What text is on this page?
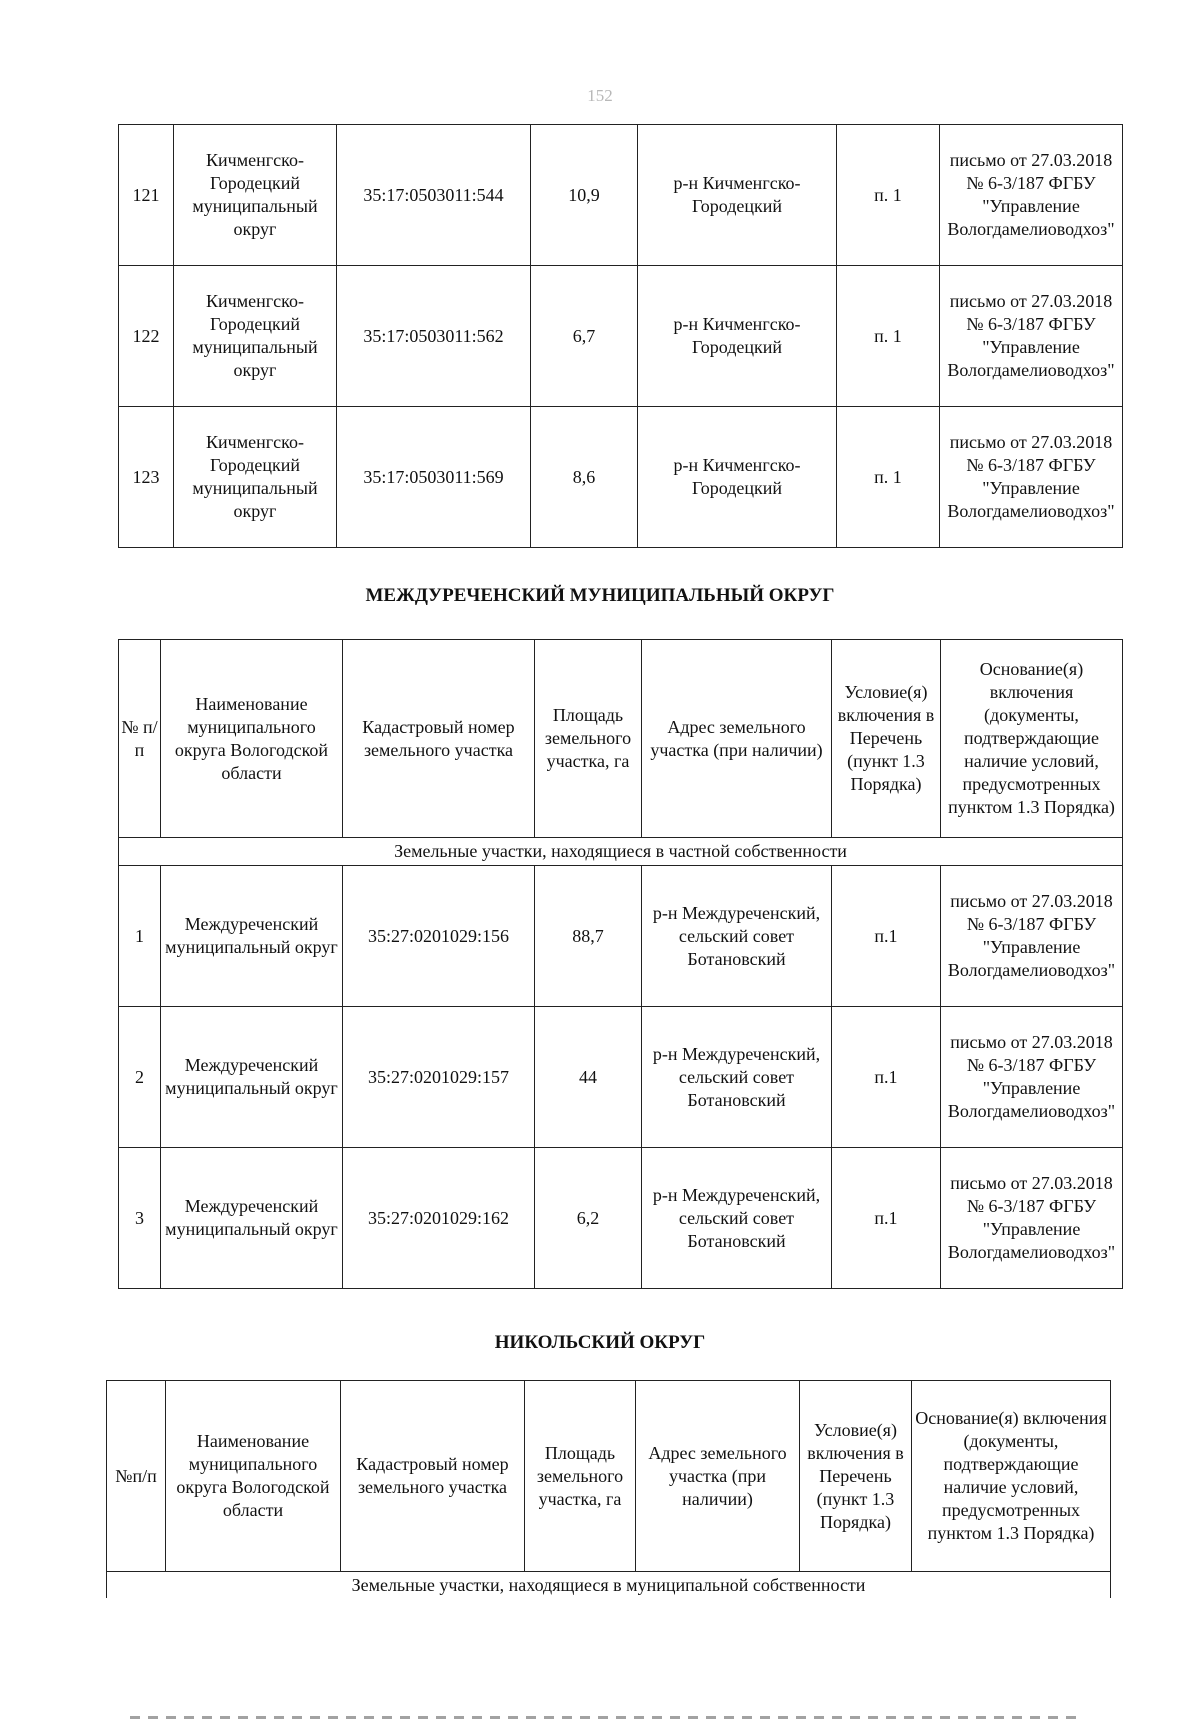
152
121	Кичменгско-Городецкий муниципальный округ	35:17:0503011:544	10,9	р-н Кичменгско-Городецкий	п. 1	письмо от 27.03.2018 № 6-3/187 ФГБУ "Управление Вологдамелиоводхоз"
122	Кичменгско-Городецкий муниципальный округ	35:17:0503011:562	6,7	р-н Кичменгско-Городецкий	п. 1	письмо от 27.03.2018 № 6-3/187 ФГБУ "Управление Вологдамелиоводхоз"
123	Кичменгско-Городецкий муниципальный округ	35:17:0503011:569	8,6	р-н Кичменгско-Городецкий	п. 1	письмо от 27.03.2018 № 6-3/187 ФГБУ "Управление Вологдамелиоводхоз"
МЕЖДУРЕЧЕНСКИЙ МУНИЦИПАЛЬНЫЙ ОКРУГ
№ п/п	Наименование муниципального округа Вологодской области	Кадастровый номер земельного участка	Площадь земельного участка, га	Адрес земельного участка (при наличии)	Условие(я) включения в Перечень (пункт 1.3 Порядка)	Основание(я) включения (документы, подтверждающие наличие условий, предусмотренных пунктом 1.3 Порядка)
Земельные участки, находящиеся в частной собственности						
1	Междуреченский муниципальный округ	35:27:0201029:156	88,7	р-н Междуреченский, сельский совет Ботановский	п.1	письмо от 27.03.2018 № 6-3/187 ФГБУ "Управление Вологдамелиоводхоз"
2	Междуреченский муниципальный округ	35:27:0201029:157	44	р-н Междуреченский, сельский совет Ботановский	п.1	письмо от 27.03.2018 № 6-3/187 ФГБУ "Управление Вологдамелиоводхоз"
3	Междуреченский муниципальный округ	35:27:0201029:162	6,2	р-н Междуреченский, сельский совет Ботановский	п.1	письмо от 27.03.2018 № 6-3/187 ФГБУ "Управление Вологдамелиоводхоз"
НИКОЛЬСКИЙ ОКРУГ
№п/п	Наименование муниципального округа Вологодской области	Кадастровый номер земельного участка	Площадь земельного участка, га	Адрес земельного участка (при наличии)	Условие(я) включения в Перечень (пункт 1.3 Порядка)	Основание(я) включения (документы, подтверждающие наличие условий, предусмотренных пунктом 1.3 Порядка)
Земельные участки, находящиеся в муниципальной собственности
